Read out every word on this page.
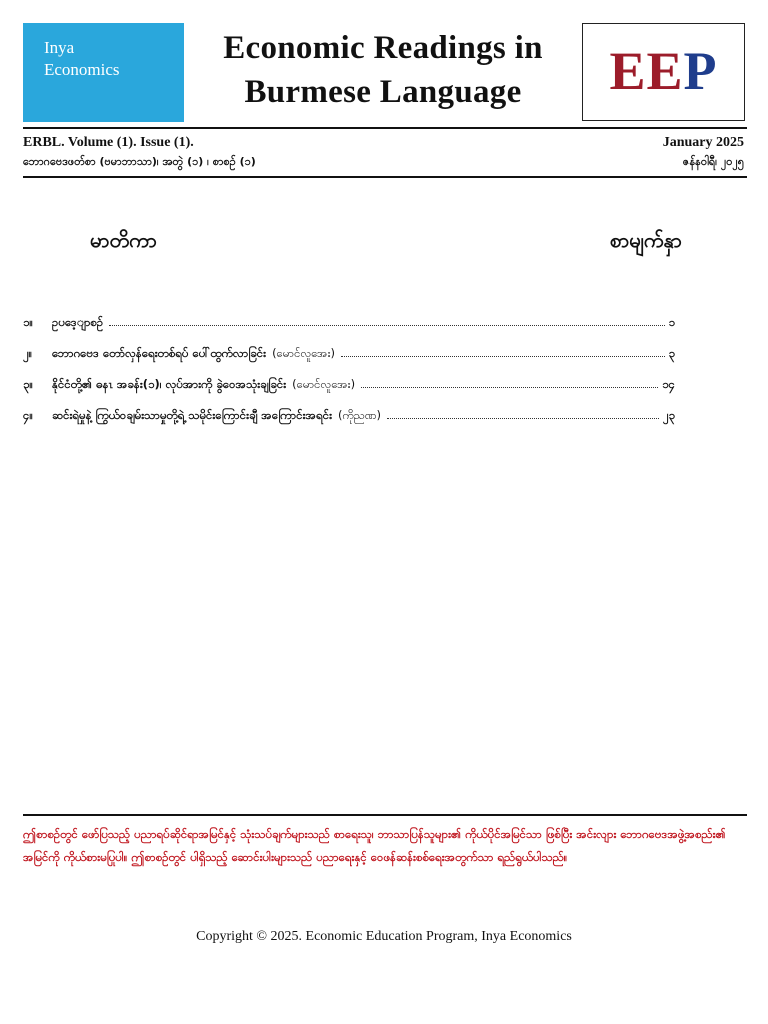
Inya
Economics
Economic Readings in
Burmese Language	EEP
ERBL. Volume (1). Issue (1).	January 2025
ဘောဂဗေဒဖတ်စာ (ဗမာဘာသာ)၊ အတွဲ (၁) ၊ စာစဉ် (၁)	ဇန်နဝါရီ၊ ၂၀၂၅
မာတိကာ	စာမျက်နှာ
၁။	ဥပဒေ့ျာစဉ်	၁
၂။	ဘောဂဗေဒ တော်လှန်ရေးတစ်ရပ် ပေါ်ထွက်လာခြင်း (မောင်လူအေး)	၃
၃။	နိုင်ငံတို့၏ ဓနၤ အခန်း(၁)၊ လုပ်အားကို ခွဲဝေအသုံးချခြင်း (မောင်လူအေး)	၁၄
၄။	ဆင်းရဲမှုနဲ့ ကြွယ်ဝချမ်းသာမှုတို့ရဲ့ သမိုင်းကြောင်းချီ အကြောင်းအရင်း (ကိုညဏ)	၂၃
ဤစာစဉ်တွင် ဖော်ပြသည့် ပညာရပ်ဆိုင်ရာအမြင်နှင့် သုံးသပ်ချက်များသည် စာရေးသူ၊ ဘာသာပြန်သူများ၏ ကိုယ်ပိုင်အမြင်သာ ဖြစ်ပြီး အင်းလျား ဘောဂဗေဒအဖွဲ့အစည်း၏ အမြင်ကို ကိုယ်စားမပြုပါ။ ဤစာစဉ်တွင် ပါရှိသည့် ဆောင်းပါးများသည် ပညာရေးနှင့် ဝေဖန်ဆန်းစစ်ရေးအတွက်သာ ရည်ရွယ်ပါသည်။
Copyright © 2025. Economic Education Program, Inya Economics
